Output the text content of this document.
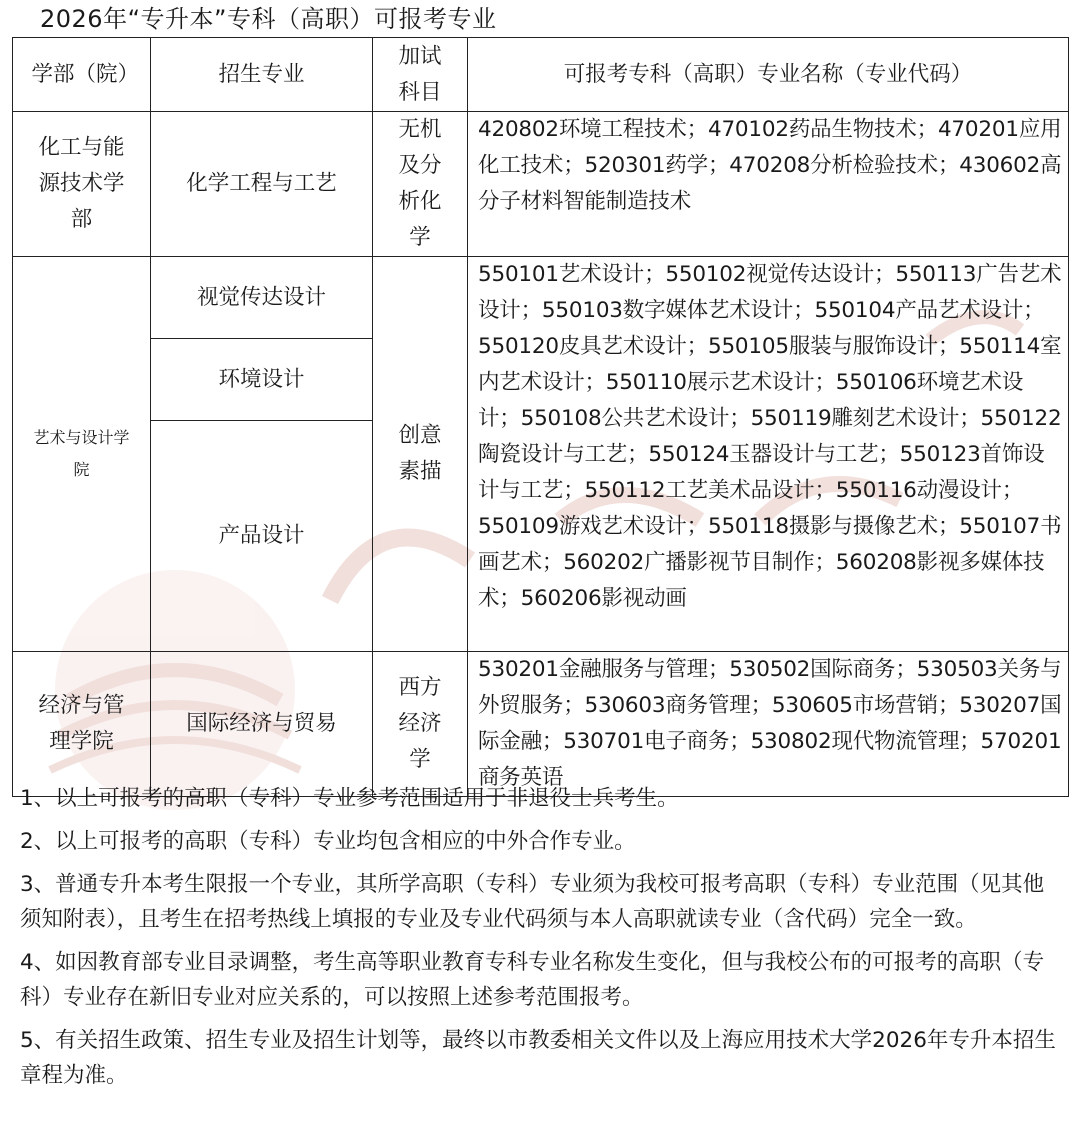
2026年“专升本”专科（高职）可报考专业
学部（院）	招生专业	加试科目	可报考专科（高职）专业名称（专业代码）

化工与能源技术学部	化学工程与工艺	无机及分析化学	420802环境工程技术；470102药品生物技术；470201应用化工技术；520301药学；470208分析检验技术；430602高分子材料智能制造技术

艺术与设计学院	视觉传达设计	创意素描	550101艺术设计；550102视觉传达设计；550113广告艺术设计；550103数字媒体艺术设计；550104产品艺术设计；550120皮具艺术设计；550105服装与服饰设计；550114室内艺术设计；550110展示艺术设计；550106环境艺术设计；550108公共艺术设计；550119雕刻艺术设计；550122陶瓷设计与工艺；550124玉器设计与工艺；550123首饰设计与工艺；550112工艺美术品设计；550116动漫设计；550109游戏艺术设计；550118摄影与摄像艺术；550107书画艺术；560202广播影视节目制作；560208影视多媒体技术；560206影视动画
	环境设计		
	产品设计		

经济与管理学院	国际经济与贸易	西方经济学	530201金融服务与管理；530502国际商务；530503关务与外贸服务；530603商务管理；530605市场营销；530207国际金融；530701电子商务；530802现代物流管理；570201商务英语

1、以上可报考的高职（专科）专业参考范围适用于非退役士兵考生。

2、以上可报考的高职（专科）专业均包含相应的中外合作专业。

3、普通专升本考生限报一个专业，其所学高职（专科）专业须为我校可报考高职（专科）专业范围（见其他须知附表），且考生在招考热线上填报的专业及专业代码须与本人高职就读专业（含代码）完全一致。

4、如因教育部专业目录调整，考生高等职业教育专科专业名称发生变化，但与我校公布的可报考的高职（专科）专业存在新旧专业对应关系的，可以按照上述参考范围报考。

5、有关招生政策、招生专业及招生计划等，最终以市教委相关文件以及上海应用技术大学2026年专升本招生章程为准。
